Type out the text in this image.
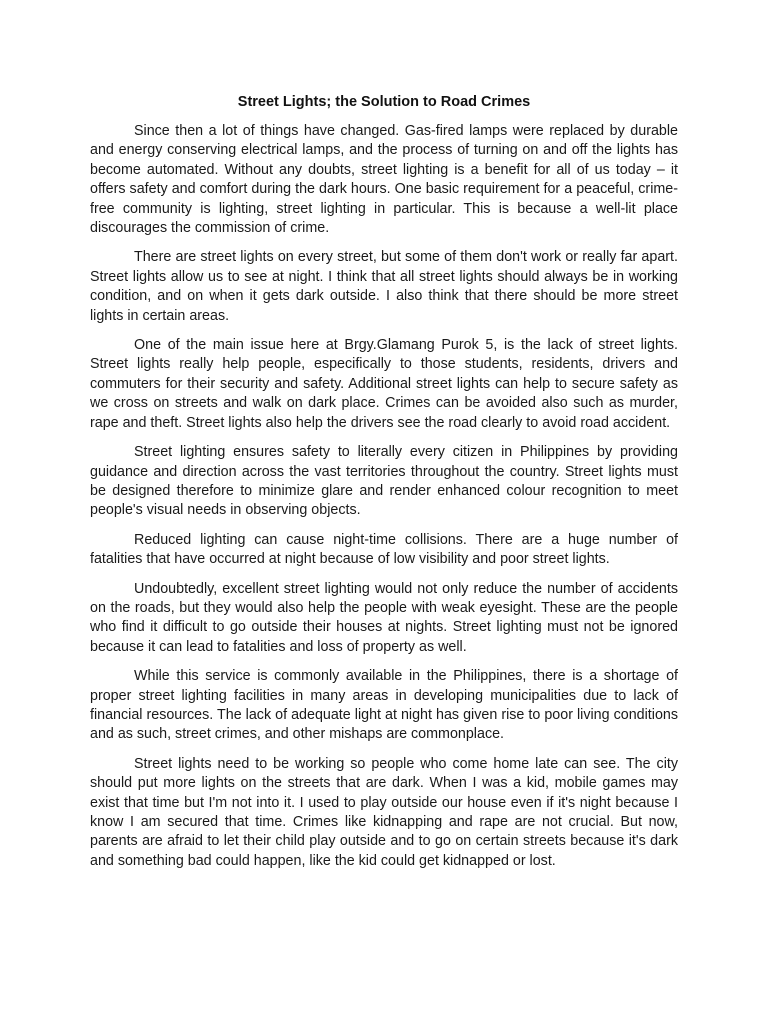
Street Lights; the Solution to Road Crimes

Since then a lot of things have changed. Gas-fired lamps were replaced by durable and energy conserving electrical lamps, and the process of turning on and off the lights has become automated. Without any doubts, street lighting is a benefit for all of us today – it offers safety and comfort during the dark hours. One basic requirement for a peaceful, crime-free community is lighting, street lighting in particular. This is because a well-lit place discourages the commission of crime.

There are street lights on every street, but some of them don't work or really far apart. Street lights allow us to see at night. I think that all street lights should always be in working condition, and on when it gets dark outside. I also think that there should be more street lights in certain areas.

One of the main issue here at Brgy.Glamang Purok 5, is the lack of street lights. Street lights really help people, especifically to those students, residents, drivers and commuters for their security and safety. Additional street lights can help to secure safety as we cross on streets and walk on dark place. Crimes can be avoided also such as murder, rape and theft. Street lights also help the drivers see the road clearly to avoid road accident.

Street lighting ensures safety to literally every citizen in Philippines by providing guidance and direction across the vast territories throughout the country. Street lights must be designed therefore to minimize glare and render enhanced colour recognition to meet people's visual needs in observing objects.

Reduced lighting can cause night-time collisions. There are a huge number of fatalities that have occurred at night because of low visibility and poor street lights.

Undoubtedly, excellent street lighting would not only reduce the number of accidents on the roads, but they would also help the people with weak eyesight. These are the people who find it difficult to go outside their houses at nights. Street lighting must not be ignored because it can lead to fatalities and loss of property as well.

While this service is commonly available in the Philippines, there is a shortage of proper street lighting facilities in many areas in developing municipalities due to lack of financial resources. The lack of adequate light at night has given rise to poor living conditions and as such, street crimes, and other mishaps are commonplace.

Street lights need to be working so people who come home late can see. The city should put more lights on the streets that are dark. When I was a kid, mobile games may exist that time but I'm not into it. I used to play outside our house even if it's night because I know I am secured that time. Crimes like kidnapping and rape are not crucial. But now, parents are afraid to let their child play outside and to go on certain streets because it's dark and something bad could happen, like the kid could get kidnapped or lost.
